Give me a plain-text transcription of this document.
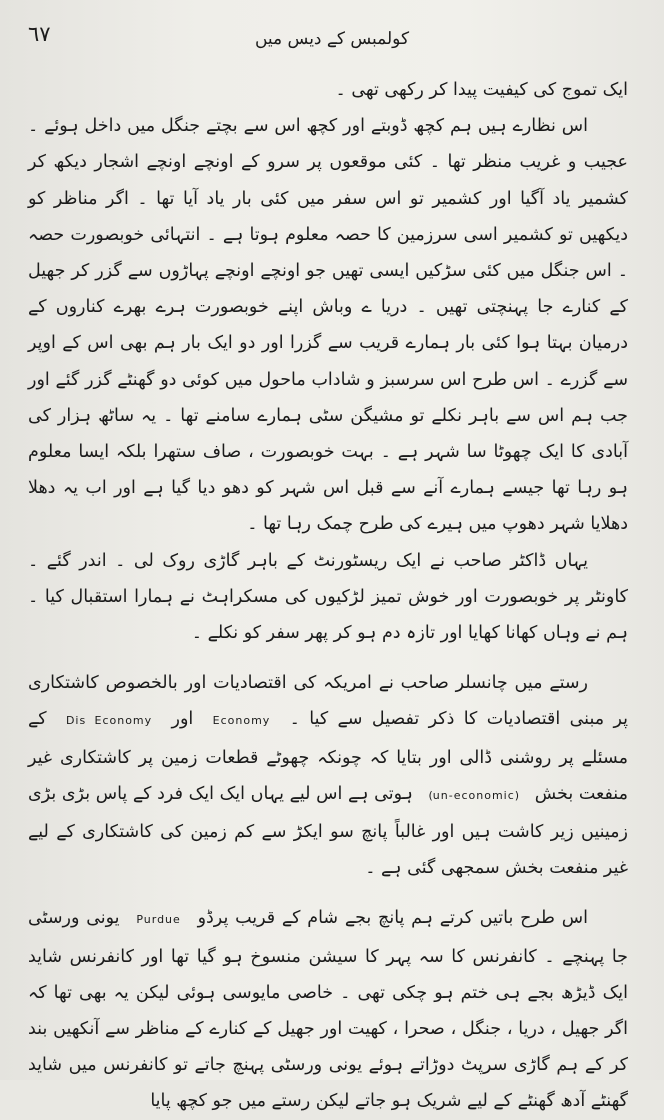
٦٧	کولمبس کے دیس میں

ایک تموج کی کیفیت پیدا کر رکھی تھی ۔

اس نظارے ہیں ہم کچھ ڈوبتے اور کچھ اس سے بچتے جنگل میں داخل ہوئے ۔ عجیب و غریب منظر تھا ۔ کئی موقعوں پر سرو کے اونچے اونچے اشجار دیکھ کر کشمیر یاد آگیا اور کشمیر تو اس سفر میں کئی بار یاد آیا تھا ۔ اگر مناظر کو دیکھیں تو کشمیر اسی سرزمین کا حصہ معلوم ہوتا ہے ۔ انتہائی خوبصورت حصہ ۔ اس جنگل میں کئی سڑکیں ایسی تھیں جو اونچے اونچے پہاڑوں سے گزر کر جھیل کے کنارے جا پہنچتی تھیں ۔ دریا ے وباش اپنے خوبصورت ہرے بھرے کناروں کے درمیان بہتا ہوا کئی بار ہمارے قریب سے گزرا اور دو ایک بار ہم بھی اس کے اوپر سے گزرے ۔ اس طرح اس سرسبز و شاداب ماحول میں کوئی دو گھنٹے گزر گئے اور جب ہم اس سے باہر نکلے تو مشیگن سٹی ہمارے سامنے تھا ۔ یہ ساٹھ ہزار کی آبادی کا ایک چھوٹا سا شہر ہے ۔ بہت خوبصورت ، صاف ستھرا بلکہ ایسا معلوم ہو رہا تھا جیسے ہمارے آنے سے قبل اس شہر کو دھو دیا گیا ہے اور اب یہ دھلا دھلایا شہر دھوپ میں ہیرے کی طرح چمک رہا تھا ۔

یہاں ڈاکٹر صاحب نے ایک ریسٹورنٹ کے باہر گاڑی روک لی ۔ اندر گئے ۔ کاونٹر پر خوبصورت اور خوش تمیز لڑکیوں کی مسکراہٹ نے ہمارا استقبال کیا ۔ ہم نے وہاں کھانا کھایا اور تازہ دم ہو کر پھر سفر کو نکلے ۔

رستے میں چانسلر صاحب نے امریکہ کی اقتصادیات اور بالخصوص کاشتکاری پر مبنی اقتصادیات کا ذکر تفصیل سے کیا ۔ Economy اور Dis Economy کے مسئلے پر روشنی ڈالی اور بتایا کہ چونکہ چھوٹے قطعات زمین پر کاشتکاری غیر منفعت بخش (un-economic) ہوتی ہے اس لیے یہاں ایک ایک فرد کے پاس بڑی بڑی زمینیں زیر کاشت ہیں اور غالباً پانچ سو ایکڑ سے کم زمین کی کاشتکاری کے لیے غیر منفعت بخش سمجھی گئی ہے ۔

اس طرح باتیں کرتے ہم پانچ بجے شام کے قریب پرڈو Purdue یونی ورسٹی جا پہنچے ۔ کانفرنس کا سہ پہر کا سیشن منسوخ ہو گیا تھا اور کانفرنس شاید ایک ڈیڑھ بجے ہی ختم ہو چکی تھی ۔ خاصی مایوسی ہوئی لیکن یہ بھی تھا کہ اگر جھیل ، دریا ، جنگل ، صحرا ، کھیت اور جھیل کے کنارے کے مناظر سے آنکھیں بند کر کے ہم گاڑی سرپٹ دوڑاتے ہوئے یونی ورسٹی پہنچ جاتے تو کانفرنس میں شاید گھنٹے آدھ گھنٹے کے لیے شریک ہو جاتے لیکن رستے میں جو کچھ پایا
